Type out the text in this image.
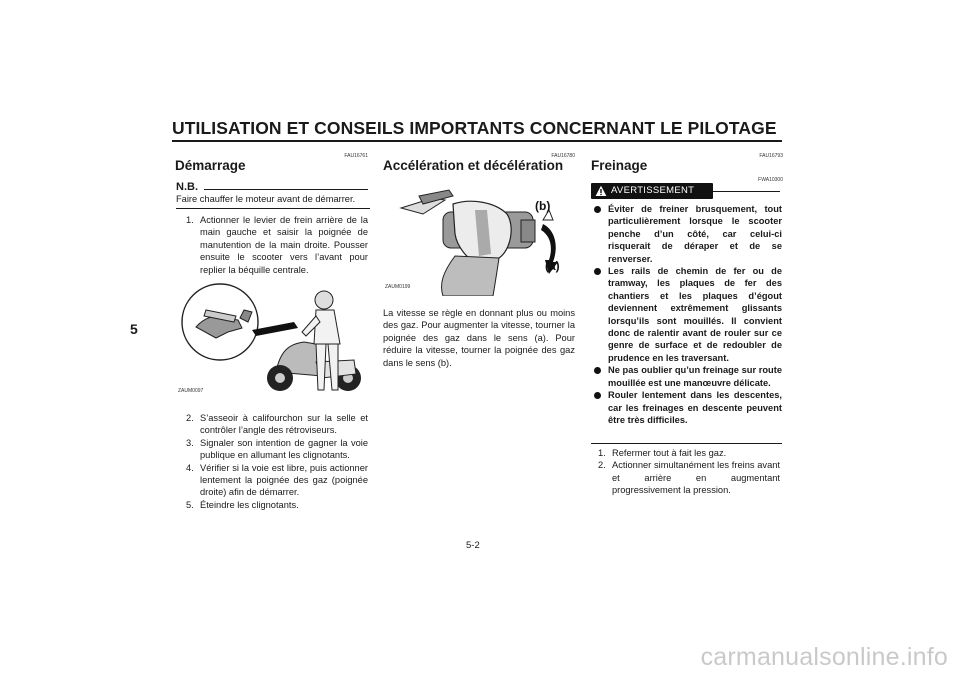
UTILISATION ET CONSEILS IMPORTANTS CONCERNANT LE PILOTAGE
5
FAU16761
Démarrage
N.B.
Faire chauffer le moteur avant de démarrer.
1. Actionner le levier de frein arrière de la main gauche et saisir la poignée de manutention de la main droite. Pousser ensuite le scooter vers l’avant pour replier la béquille centrale.
ZAUM0097
2. S’asseoir à califourchon sur la selle et contrôler l’angle des rétroviseurs.
3. Signaler son intention de gagner la voie publique en allumant les clignotants.
4. Vérifier si la voie est libre, puis actionner lentement la poignée des gaz (poignée droite) afin de démarrer.
5. Éteindre les clignotants.
FAU16780
Accélération et décélération
(b)
(a)
ZAUM0199
La vitesse se règle en donnant plus ou moins des gaz. Pour augmenter la vitesse, tourner la poignée des gaz dans le sens (a). Pour réduire la vitesse, tourner la poignée des gaz dans le sens (b).
FAU16793
Freinage
FWA10300
AVERTISSEMENT
Éviter de freiner brusquement, tout particulièrement lorsque le scooter penche d’un côté, car celui-ci risquerait de déraper et de se renverser.
Les rails de chemin de fer ou de tramway, les plaques de fer des chantiers et les plaques d’égout deviennent extrêmement glissants lorsqu’ils sont mouillés. Il convient donc de ralentir avant de rouler sur ce genre de surface et de redoubler de prudence en les traversant.
Ne pas oublier qu’un freinage sur route mouillée est une manœuvre délicate.
Rouler lentement dans les descentes, car les freinages en descente peuvent être très difficiles.
1. Refermer tout à fait les gaz.
2. Actionner simultanément les freins avant et arrière en augmentant progressivement la pression.
5-2
carmanualsonline.info
